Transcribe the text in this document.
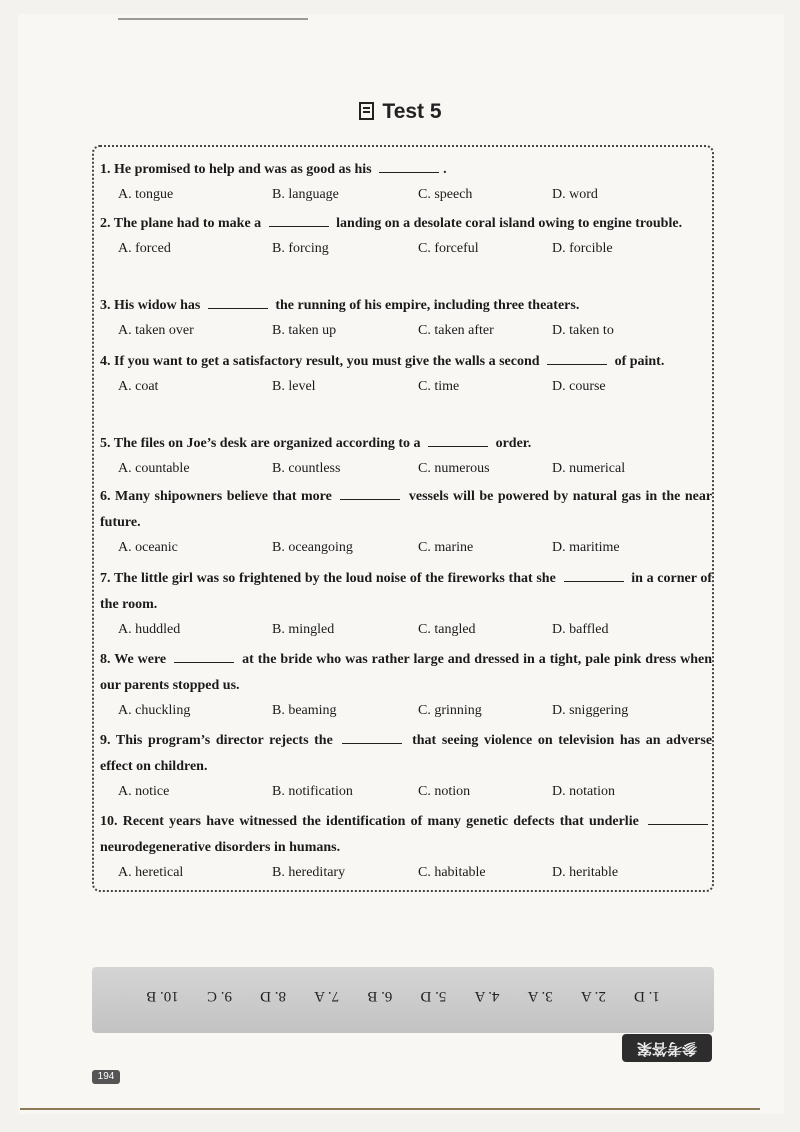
Test 5
1. He promised to help and was as good as his	.
A. tongue	B. language	C. speech	D. word
2. The plane had to make a	landing on a desolate coral island owing to engine trouble.
A. forced	B. forcing	C. forceful	D. forcible
3. His widow has	the running of his empire, including three theaters.
A. taken over	B. taken up	C. taken after	D. taken to
4. If you want to get a satisfactory result, you must give the walls a second	of paint.
A. coat	B. level	C. time	D. course
5. The files on Joe’s desk are organized according to a	order.
A. countable	B. countless	C. numerous	D. numerical
6. Many shipowners believe that more	vessels will be powered by natural gas in the near future.
A. oceanic	B. oceangoing	C. marine	D. maritime
7. The little girl was so frightened by the loud noise of the fireworks that she	in a corner of the room.
A. huddled	B. mingled	C. tangled	D. baffled
8. We were	at the bride who was rather large and dressed in a tight, pale pink dress when our parents stopped us.
A. chuckling	B. beaming	C. grinning	D. sniggering
9. This program’s director rejects the	that seeing violence on television has an adverse effect on children.
A. notice	B. notification	C. notion	D. notation
10. Recent years have witnessed the identification of many genetic defects that underlie  neurodegenerative disorders in humans.
A. heretical	B. hereditary	C. habitable	D. heritable
1. D
2. A
3. A
4. A
5. D
6. B
7. A
8. D
9. C
10. B
参考答案
194
